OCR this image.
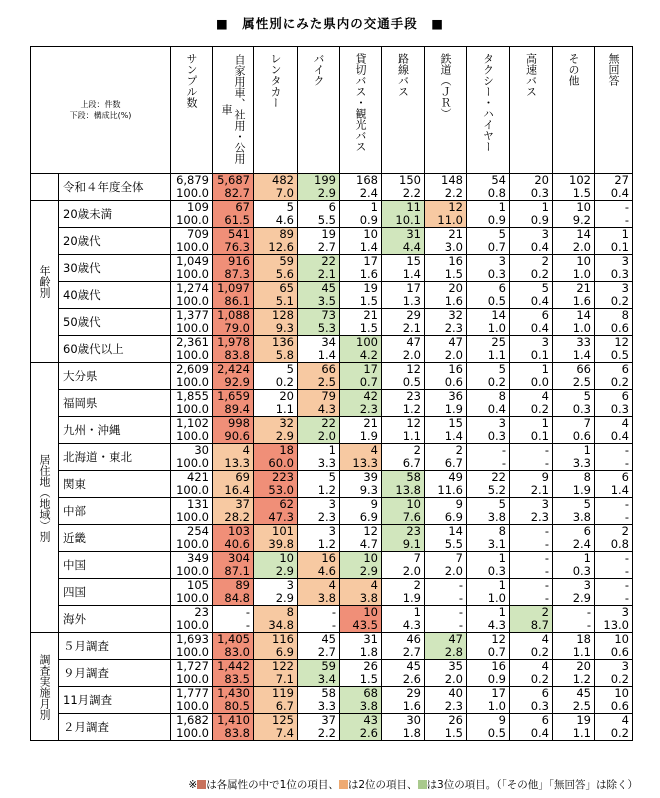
■　属性別にみた県内の交通手段　■
上段：件数
下段：構成比(%)		サンプル数	自家用車、社用・公用車	レンタカー	バイク	貸切バス・観光バス	路線バス	鉄道（ＪＲ）	タクシー・ハイヤー	高速バス	その他	無回答

	令和４年度全体	6,879	5,687	482	199	168	150	148	54	20	102	27
		100.0	82.7	7.0	2.9	2.4	2.2	2.2	0.8	0.3	1.5	0.4

年齢別	20歳未満	109	67	5	6	1	11	12	1	1	10	-
		100.0	61.5	4.6	5.5	0.9	10.1	11.0	0.9	0.9	9.2	-
	20歳代	709	541	89	19	10	31	21	5	3	14	1
		100.0	76.3	12.6	2.7	1.4	4.4	3.0	0.7	0.4	2.0	0.1
	30歳代	1,049	916	59	22	17	15	16	3	2	10	3
		100.0	87.3	5.6	2.1	1.6	1.4	1.5	0.3	0.2	1.0	0.3
	40歳代	1,274	1,097	65	45	19	17	20	6	5	21	3
		100.0	86.1	5.1	3.5	1.5	1.3	1.6	0.5	0.4	1.6	0.2
	50歳代	1,377	1,088	128	73	21	29	32	14	6	14	8
		100.0	79.0	9.3	5.3	1.5	2.1	2.3	1.0	0.4	1.0	0.6
	60歳代以上	2,361	1,978	136	34	100	47	47	25	3	33	12
		100.0	83.8	5.8	1.4	4.2	2.0	2.0	1.1	0.1	1.4	0.5

居住地（地域）別	大分県	2,609	2,424	5	66	17	12	16	5	1	66	6
		100.0	92.9	0.2	2.5	0.7	0.5	0.6	0.2	0.0	2.5	0.2
	福岡県	1,855	1,659	20	79	42	23	36	8	4	5	6
		100.0	89.4	1.1	4.3	2.3	1.2	1.9	0.4	0.2	0.3	0.3
	九州・沖縄	1,102	998	32	22	21	12	15	3	1	7	4
		100.0	90.6	2.9	2.0	1.9	1.1	1.4	0.3	0.1	0.6	0.4
	北海道・東北	30	4	18	1	4	2	2	-	-	1	-
		100.0	13.3	60.0	3.3	13.3	6.7	6.7	-	-	3.3	-
	関東	421	69	223	5	39	58	49	22	9	8	6
		100.0	16.4	53.0	1.2	9.3	13.8	11.6	5.2	2.1	1.9	1.4
	中部	131	37	62	3	9	10	9	5	3	5	-
		100.0	28.2	47.3	2.3	6.9	7.6	6.9	3.8	2.3	3.8	-
	近畿	254	103	101	3	12	23	14	8	-	6	2
		100.0	40.6	39.8	1.2	4.7	9.1	5.5	3.1	-	2.4	0.8
	中国	349	304	10	16	10	7	7	1	-	1	-
		100.0	87.1	2.9	4.6	2.9	2.0	2.0	0.3	-	0.3	-
	四国	105	89	3	4	4	2	-	1	-	3	-
		100.0	84.8	2.9	3.8	3.8	1.9	-	1.0	-	2.9	-
	海外	23	-	8	-	10	1	-	1	2	-	3
		100.0	-	34.8	-	43.5	4.3	-	4.3	8.7	-	13.0

調査実施月別	５月調査	1,693	1,405	116	45	31	46	47	12	4	18	10
		100.0	83.0	6.9	2.7	1.8	2.7	2.8	0.7	0.2	1.1	0.6
	９月調査	1,727	1,442	122	59	26	45	35	16	4	20	3
		100.0	83.5	7.1	3.4	1.5	2.6	2.0	0.9	0.2	1.2	0.2
	11月調査	1,777	1,430	119	58	68	29	40	17	6	45	10
		100.0	80.5	6.7	3.3	3.8	1.6	2.3	1.0	0.3	2.5	0.6
	２月調査	1,682	1,410	125	37	43	30	26	9	6	19	4
		100.0	83.8	7.4	2.2	2.6	1.8	1.5	0.5	0.4	1.1	0.2
※ は各属性の中で1位の項目、 は2位の項目、 は3位の項目。（「その他」「無回答」は除く）
